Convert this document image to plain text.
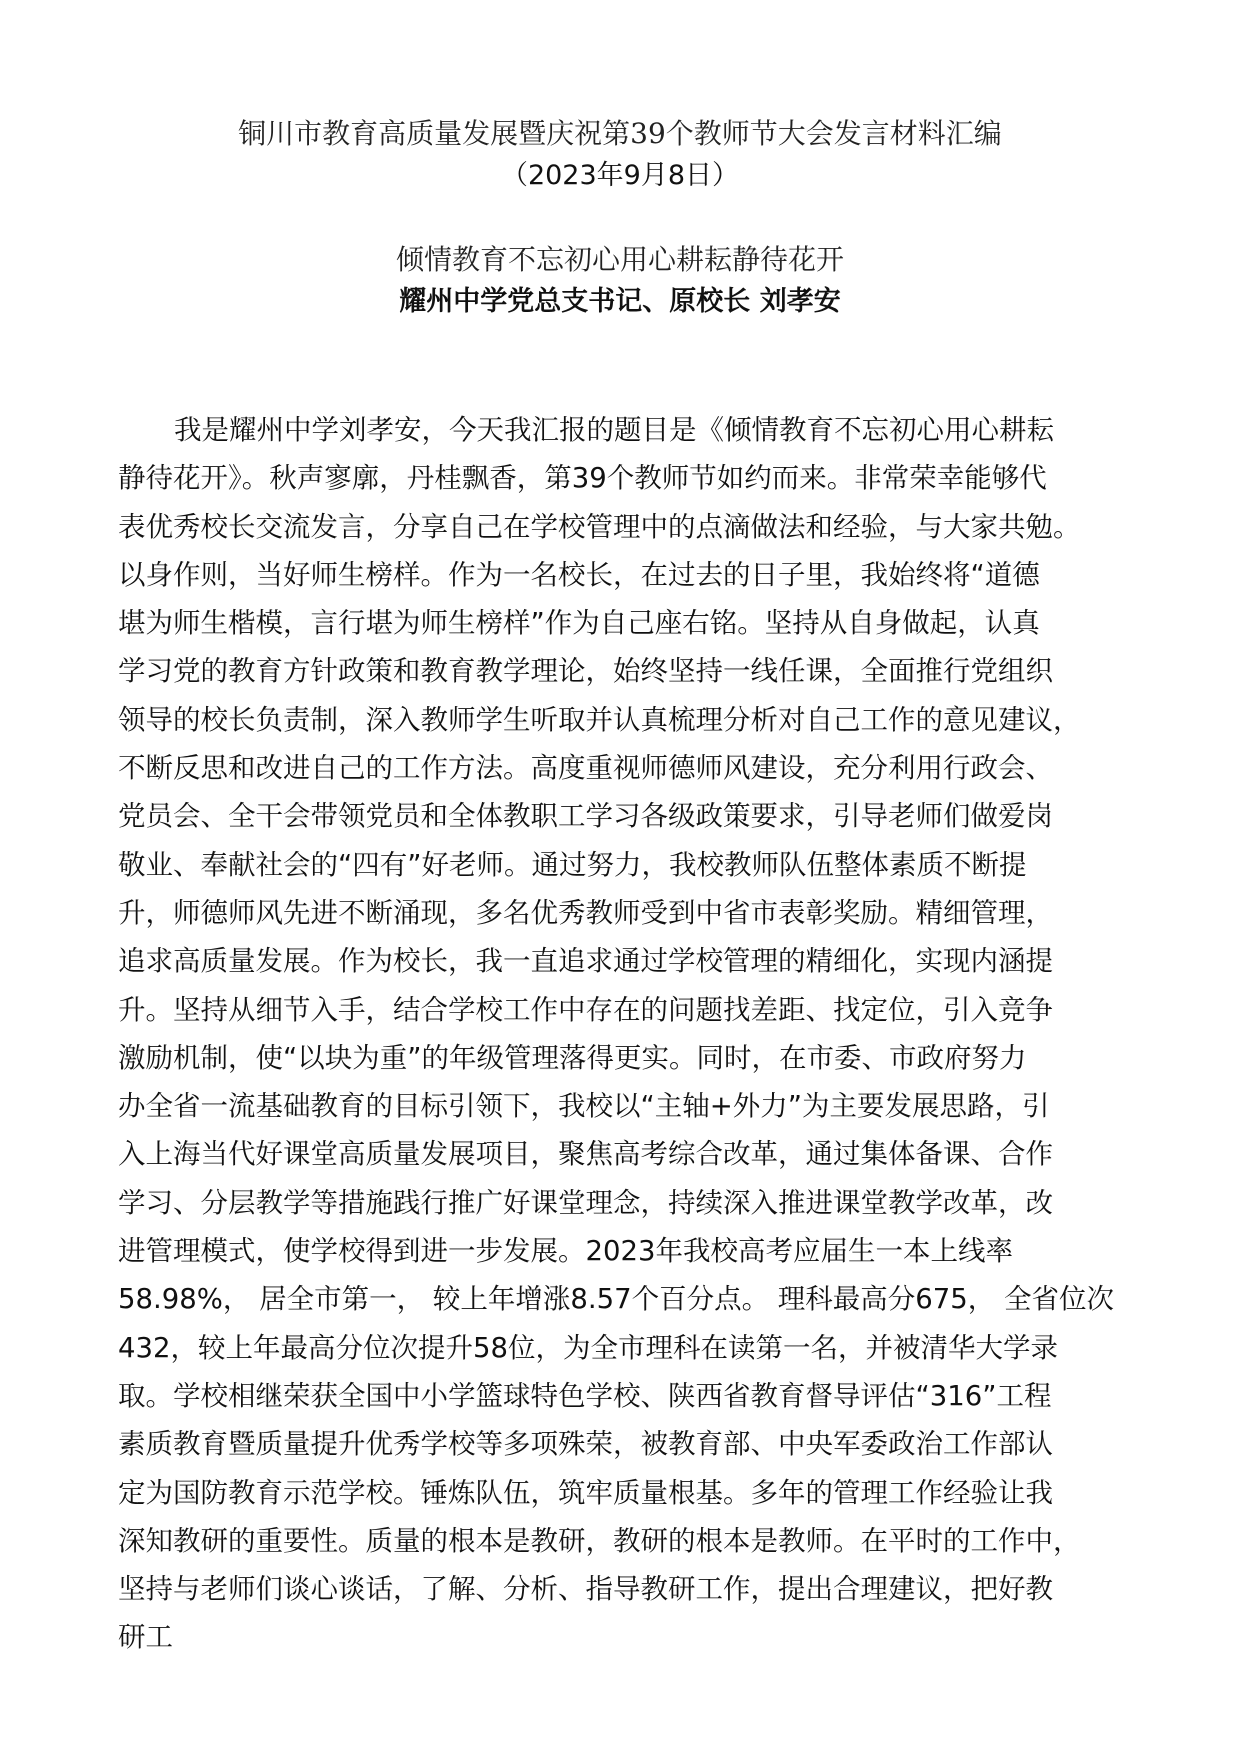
铜川市教育高质量发展暨庆祝第39个教师节大会发言材料汇编
（2023年9月8日）
倾情教育不忘初心用心耕耘静待花开
耀州中学党总支书记、原校长 刘孝安
我是耀州中学刘孝安，今天我汇报的题目是《倾情教育不忘初心用心耕耘
静待花开》。秋声寥廓，丹桂飘香，第39个教师节如约而来。非常荣幸能够代
表优秀校长交流发言，分享自己在学校管理中的点滴做法和经验，与大家共勉。
以身作则，当好师生榜样。作为一名校长，在过去的日子里，我始终将“道德
堪为师生楷模，言行堪为师生榜样”作为自己座右铭。坚持从自身做起，认真
学习党的教育方针政策和教育教学理论，始终坚持一线任课，全面推行党组织
领导的校长负责制，深入教师学生听取并认真梳理分析对自己工作的意见建议，
不断反思和改进自己的工作方法。高度重视师德师风建设，充分利用行政会、
党员会、全干会带领党员和全体教职工学习各级政策要求，引导老师们做爱岗
敬业、奉献社会的“四有”好老师。通过努力，我校教师队伍整体素质不断提
升，师德师风先进不断涌现，多名优秀教师受到中省市表彰奖励。精细管理，
追求高质量发展。作为校长，我一直追求通过学校管理的精细化，实现内涵提
升。坚持从细节入手，结合学校工作中存在的问题找差距、找定位，引入竞争
激励机制，使“以块为重”的年级管理落得更实。同时，在市委、市政府努力
办全省一流基础教育的目标引领下，我校以“主轴+外力”为主要发展思路，引
入上海当代好课堂高质量发展项目，聚焦高考综合改革，通过集体备课、合作
学习、分层教学等措施践行推广好课堂理念，持续深入推进课堂教学改革，改
进管理模式，使学校得到进一步发展。2023年我校高考应届生一本上线率
58.98%， 居全市第一， 较上年增涨8.57个百分点。 理科最高分675， 全省位次
432，较上年最高分位次提升58位，为全市理科在读第一名，并被清华大学录
取。学校相继荣获全国中小学篮球特色学校、陕西省教育督导评估“316”工程
素质教育暨质量提升优秀学校等多项殊荣，被教育部、中央军委政治工作部认
定为国防教育示范学校。锤炼队伍，筑牢质量根基。多年的管理工作经验让我
深知教研的重要性。质量的根本是教研，教研的根本是教师。在平时的工作中，
坚持与老师们谈心谈话，了解、分析、指导教研工作，提出合理建议，把好教
研工
